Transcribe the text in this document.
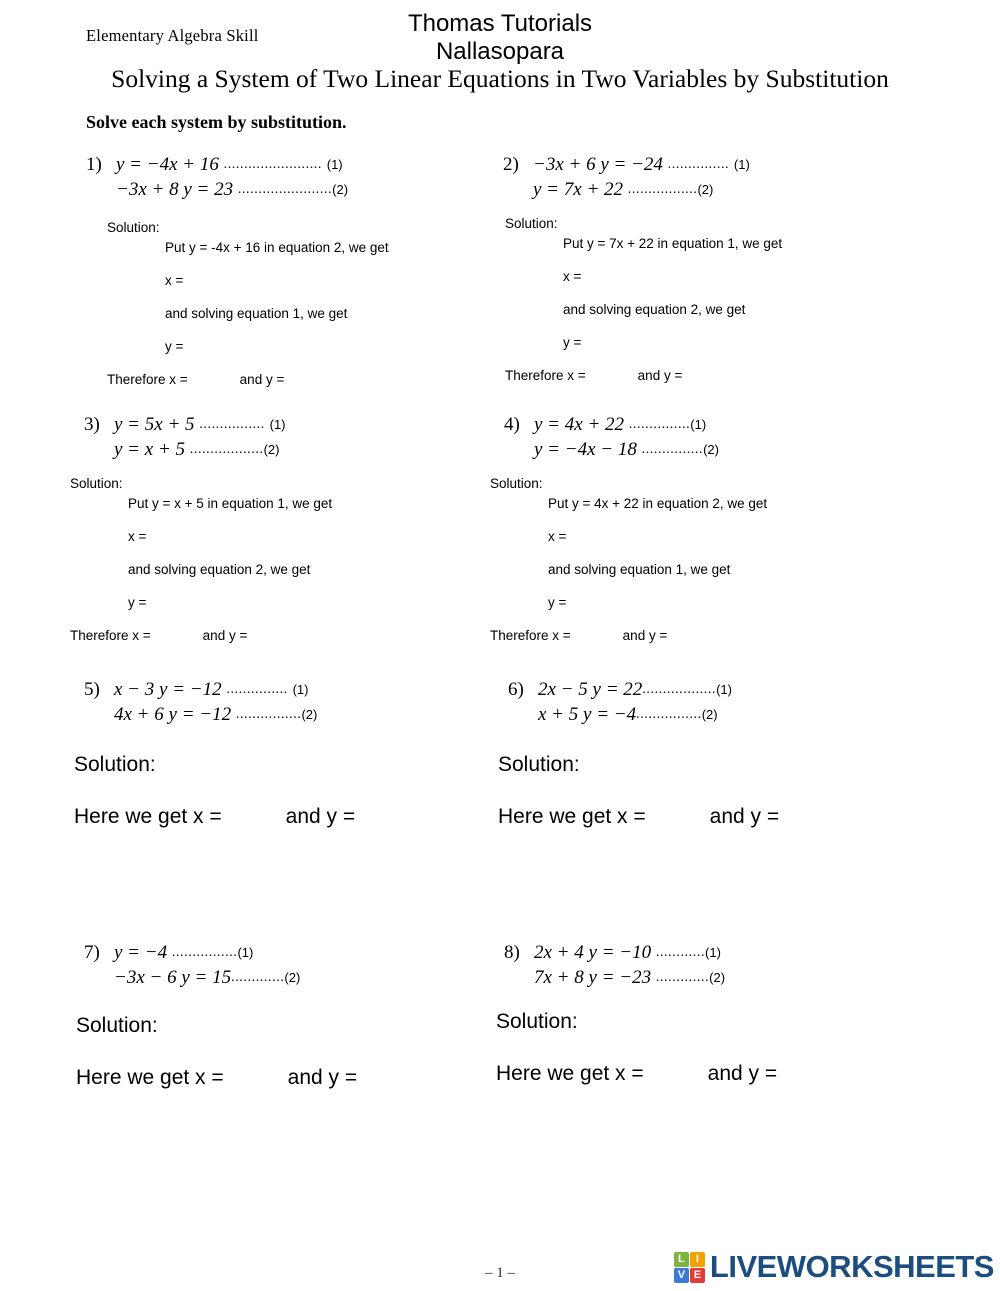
Elementary Algebra Skill	Thomas Tutorials
Nallasopara
Solving a System of Two Linear Equations in Two Variables by Substitution
Solve each system by substitution.
1) y = −4x + 16 ........................ (1)
−3x + 8 y = 23 .......................(2)
Solution:
Put y = -4x + 16 in equation 2, we get
x =
and solving equation 1, we get
y =
Therefore x =	and y =
2) −3x + 6 y = −24 ............... (1)
y = 7x + 22 .................(2)
Solution:
Put y = 7x + 22 in equation 1, we get
x =
and solving equation 2, we get
y =
Therefore x =	and y =
3) y = 5x + 5 ................ (1)
y = x + 5 ..................(2)
Solution:
Put y = x + 5 in equation 1, we get
x =
and solving equation 2, we get
y =
Therefore x =	and y =
4) y = 4x + 22 ...............(1)
y = −4x − 18 ...............(2)
Solution:
Put y = 4x + 22 in equation 2, we get
x =
and solving equation 1, we get
y =
Therefore x =	and y =
5) x − 3 y = −12 ............... (1)
4x + 6 y = −12 ................(2)
Solution:
Here we get x =	and y =
6) 2x − 5 y = 22..................(1)
x + 5 y = −4................(2)
Solution:
Here we get x =	and y =
7) y = −4 ................(1)
−3x − 6 y = 15.............(2)
Solution:
Here we get x =	and y =
8) 2x + 4 y = −10 ............(1)
7x + 8 y = −23 .............(2)
Solution:
Here we get x =	and y =
– 1 –
L	I
V E LIVEWORKSHEETS
